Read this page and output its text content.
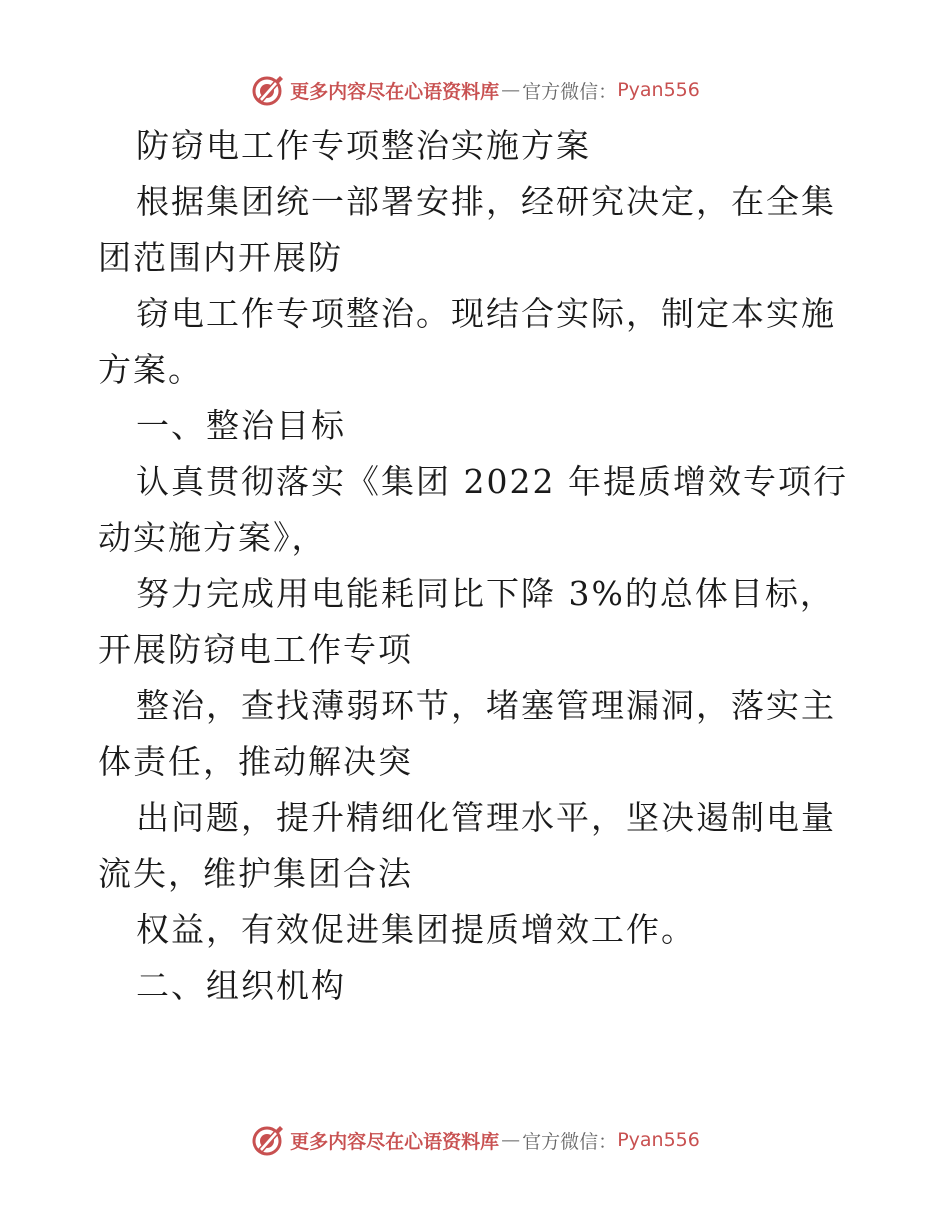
更多内容尽在心语资料库 — 官方微信： Pyan556

防窃电工作专项整治实施方案

根据集团统一部署安排，经研究决定，在全集团范围内开展防

窃电工作专项整治。现结合实际，制定本实施方案。

一、整治目标

认真贯彻落实《集团 2022 年提质增效专项行动实施方案》，

努力完成用电能耗同比下降 3%的总体目标，开展防窃电工作专项

整治，查找薄弱环节，堵塞管理漏洞，落实主体责任，推动解决突

出问题，提升精细化管理水平，坚决遏制电量流失，维护集团合法

权益，有效促进集团提质增效工作。

二、组织机构

更多内容尽在心语资料库 — 官方微信： Pyan556
